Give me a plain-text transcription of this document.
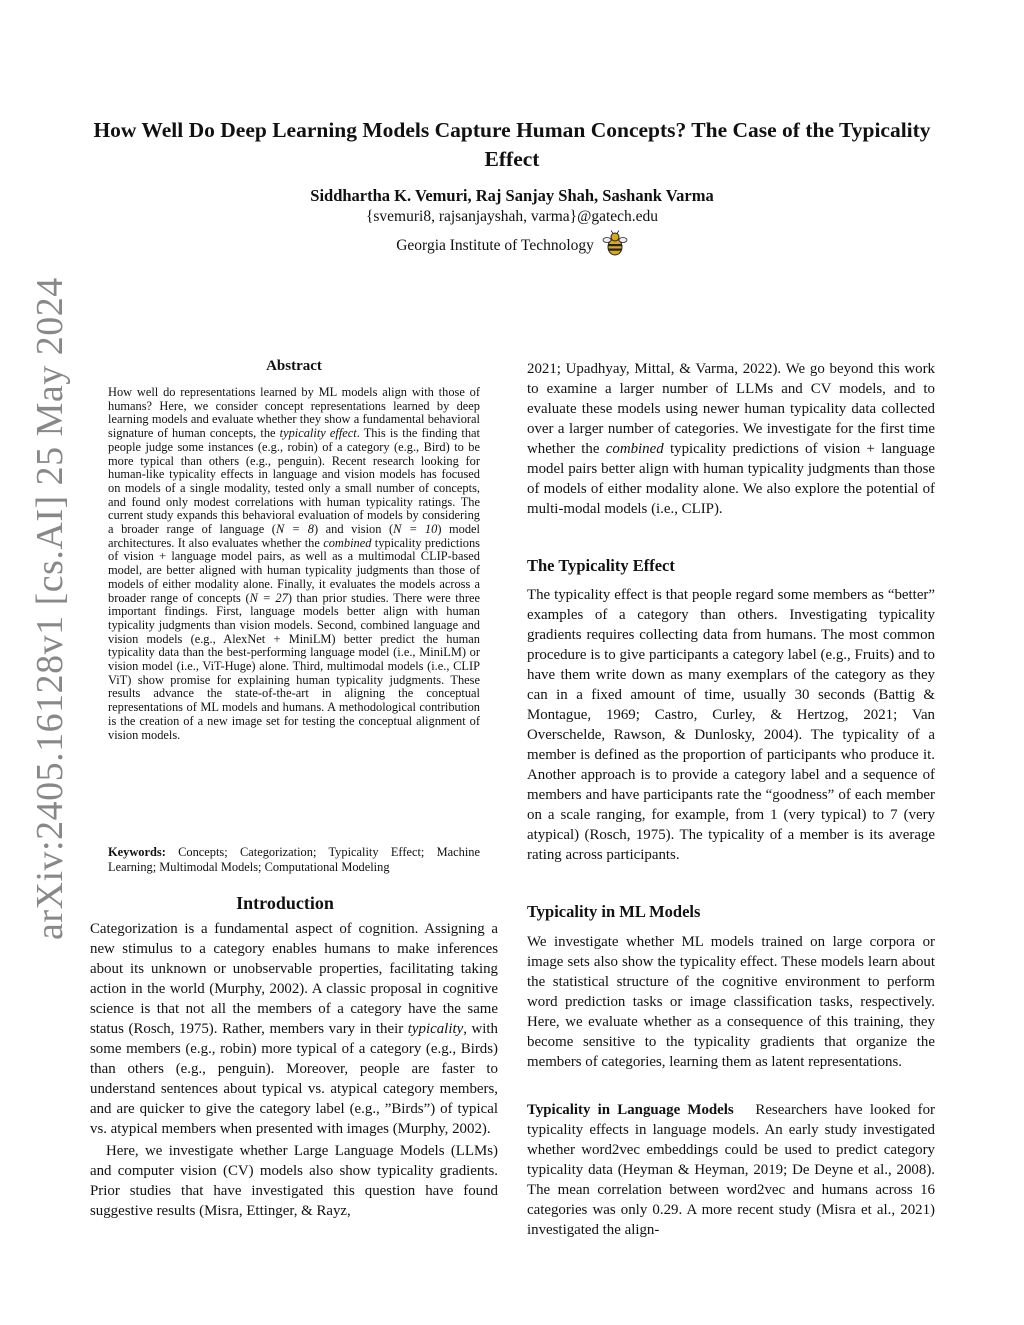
How Well Do Deep Learning Models Capture Human Concepts? The Case of the Typicality Effect
Siddhartha K. Vemuri, Raj Sanjay Shah, Sashank Varma
{svemuri8, rajsanjayshah, varma}@gatech.edu
Georgia Institute of Technology
arXiv:2405.16128v1 [cs.AI] 25 May 2024	Abstract

How well do representations learned by ML models align with those of humans? Here, we consider concept representations learned by deep learning models and evaluate whether they show a fundamental behavioral signature of human concepts, the typicality effect. This is the finding that people judge some instances (e.g., robin) of a category (e.g., Bird) to be more typical than others (e.g., penguin). Recent research looking for human-like typicality effects in language and vision models has focused on models of a single modality, tested only a small number of concepts, and found only modest correlations with human typicality ratings. The current study expands this behavioral evaluation of models by considering a broader range of language (N = 8) and vision (N = 10) model architectures. It also evaluates whether the combined typicality predictions of vision + language model pairs, as well as a multimodal CLIP-based model, are better aligned with human typicality judgments than those of models of either modality alone. Finally, it evaluates the models across a broader range of concepts (N = 27) than prior studies. There were three important findings. First, language models better align with human typicality judgments than vision models. Second, combined language and vision models (e.g., AlexNet + MiniLM) better predict the human typicality data than the best-performing language model (i.e., MiniLM) or vision model (i.e., ViT-Huge) alone. Third, multimodal models (i.e., CLIP ViT) show promise for explaining human typicality judgments. These results advance the state-of-the-art in aligning the conceptual representations of ML models and humans. A methodological contribution is the creation of a new image set for testing the conceptual alignment of vision models.

Keywords: Concepts; Categorization; Typicality Effect; Machine Learning; Multimodal Models; Computational Modeling
Introduction

Categorization is a fundamental aspect of cognition. Assigning a new stimulus to a category enables humans to make inferences about its unknown or unobservable properties, facilitating taking action in the world (Murphy, 2002). A classic proposal in cognitive science is that not all the members of a category have the same status (Rosch, 1975). Rather, members vary in their typicality, with some members (e.g., robin) more typical of a category (e.g., Birds) than others (e.g., penguin). Moreover, people are faster to understand sentences about typical vs. atypical category members, and are quicker to give the category label (e.g., ”Birds”) of typical vs. atypical members when presented with images (Murphy, 2002).

Here, we investigate whether Large Language Models (LLMs) and computer vision (CV) models also show typicality gradients. Prior studies that have investigated this question have found suggestive results (Misra, Ettinger, & Rayz,

2021; Upadhyay, Mittal, & Varma, 2022). We go beyond this work to examine a larger number of LLMs and CV models, and to evaluate these models using newer human typicality data collected over a larger number of categories. We investigate for the first time whether the combined typicality predictions of vision + language model pairs better align with human typicality judgments than those of models of either modality alone. We also explore the potential of multi-modal models (i.e., CLIP).

The Typicality Effect

The typicality effect is that people regard some members as “better” examples of a category than others. Investigating typicality gradients requires collecting data from humans. The most common procedure is to give participants a category label (e.g., Fruits) and to have them write down as many exemplars of the category as they can in a fixed amount of time, usually 30 seconds (Battig & Montague, 1969; Castro, Curley, & Hertzog, 2021; Van Overschelde, Rawson, & Dunlosky, 2004). The typicality of a member is defined as the proportion of participants who produce it. Another approach is to provide a category label and a sequence of members and have participants rate the “goodness” of each member on a scale ranging, for example, from 1 (very typical) to 7 (very atypical) (Rosch, 1975). The typicality of a member is its average rating across participants.

Typicality in ML Models

We investigate whether ML models trained on large corpora or image sets also show the typicality effect. These models learn about the statistical structure of the cognitive environment to perform word prediction tasks or image classification tasks, respectively. Here, we evaluate whether as a consequence of this training, they become sensitive to the typicality gradients that organize the members of categories, learning them as latent representations.

Typicality in Language Models Researchers have looked for typicality effects in language models. An early study investigated whether word2vec embeddings could be used to predict category typicality data (Heyman & Heyman, 2019; De Deyne et al., 2008). The mean correlation between word2vec and humans across 16 categories was only 0.29. A more recent study (Misra et al., 2021) investigated the align-
